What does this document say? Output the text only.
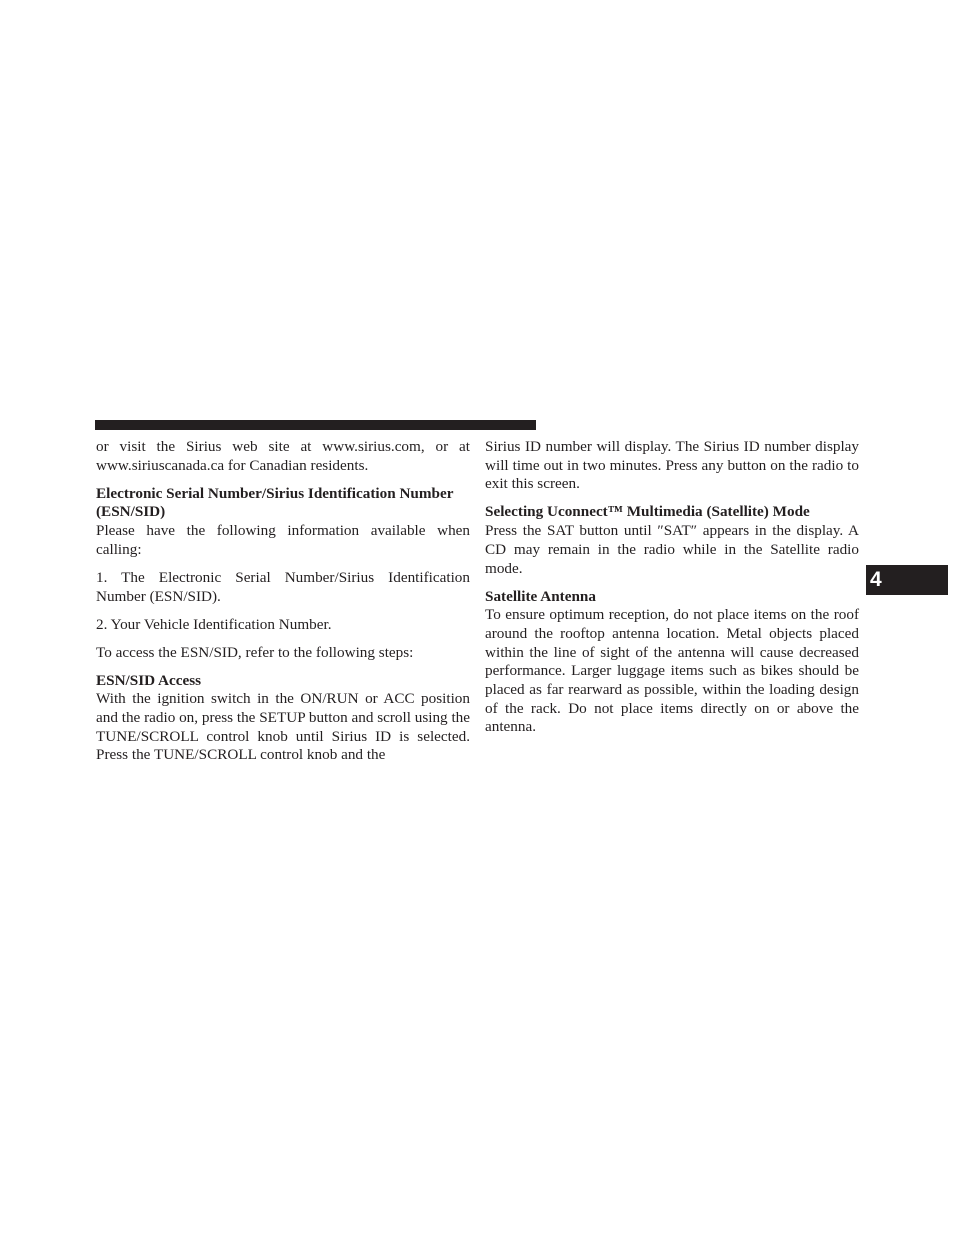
or visit the Sirius web site at www.sirius.com, or at www.siriuscanada.ca for Canadian residents.

Electronic Serial Number/Sirius Identification Number (ESN/SID)

Please have the following information available when calling:

1. The Electronic Serial Number/Sirius Identification Number (ESN/SID).

2. Your Vehicle Identification Number.

To access the ESN/SID, refer to the following steps:

ESN/SID Access

With the ignition switch in the ON/RUN or ACC position and the radio on, press the SETUP button and scroll using the TUNE/SCROLL control knob until Sirius ID is selected. Press the TUNE/SCROLL control knob and the

Sirius ID number will display. The Sirius ID number display will time out in two minutes. Press any button on the radio to exit this screen.

Selecting Uconnect™ Multimedia (Satellite) Mode

Press the SAT button until ″SAT″ appears in the display. A CD may remain in the radio while in the Satellite radio mode.

Satellite Antenna

To ensure optimum reception, do not place items on the roof around the rooftop antenna location. Metal objects placed within the line of sight of the antenna will cause decreased performance. Larger luggage items such as bikes should be placed as far rearward as possible, within the loading design of the rack. Do not place items directly on or above the antenna.

4
